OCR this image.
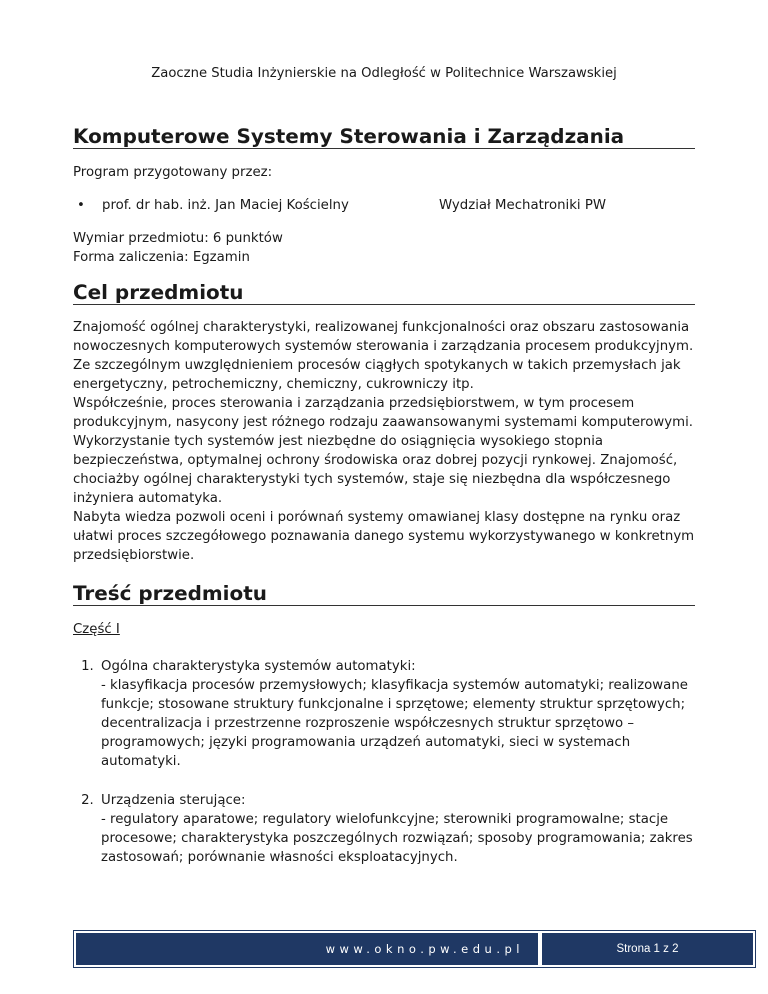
Zaoczne Studia Inżynierskie na Odległość w Politechnice Warszawskiej
Komputerowe Systemy Sterowania i Zarządzania

Program przygotowany przez:

• prof. dr hab. inż. Jan Maciej Kościelny	Wydział Mechatroniki PW

Wymiar przedmiotu: 6 punktów

Forma zaliczenia: Egzamin

Cel przedmiotu

Znajomość ogólnej charakterystyki, realizowanej funkcjonalności oraz obszaru zastosowania nowoczesnych komputerowych systemów sterowania i zarządzania procesem produkcyjnym. Ze szczególnym uwzględnieniem procesów ciągłych spotykanych w takich przemysłach jak energetyczny, petrochemiczny, chemiczny, cukrowniczy itp.

Współcześnie, proces sterowania i zarządzania przedsiębiorstwem, w tym procesem produkcyjnym, nasycony jest różnego rodzaju zaawansowanymi systemami komputerowymi. Wykorzystanie tych systemów jest niezbędne do osiągnięcia wysokiego stopnia bezpieczeństwa, optymalnej ochrony środowiska oraz dobrej pozycji rynkowej. Znajomość, chociażby ogólnej charakterystyki tych systemów, staje się niezbędna dla współczesnego inżyniera automatyka.

Nabyta wiedza pozwoli oceni i porównań systemy omawianej klasy dostępne na rynku oraz ułatwi proces szczegółowego poznawania danego systemu wykorzystywanego w konkretnym przedsiębiorstwie.

Treść przedmiotu

Część I

1. Ogólna charakterystyka systemów automatyki:
- klasyfikacja procesów przemysłowych; klasyfikacja systemów automatyki; realizowane funkcje; stosowane struktury funkcjonalne i sprzętowe; elementy struktur sprzętowych; decentralizacja i przestrzenne rozproszenie współczesnych struktur sprzętowo – programowych; języki programowania urządzeń automatyki, sieci w systemach automatyki.
2. Urządzenia sterujące:
- regulatory aparatowe; regulatory wielofunkcyjne; sterowniki programowalne; stacje procesowe; charakterystyka poszczególnych rozwiązań; sposoby programowania; zakres zastosowań; porównanie własności eksploatacyjnych.
www.okno.pw.edu.pl	Strona 1 z 2
